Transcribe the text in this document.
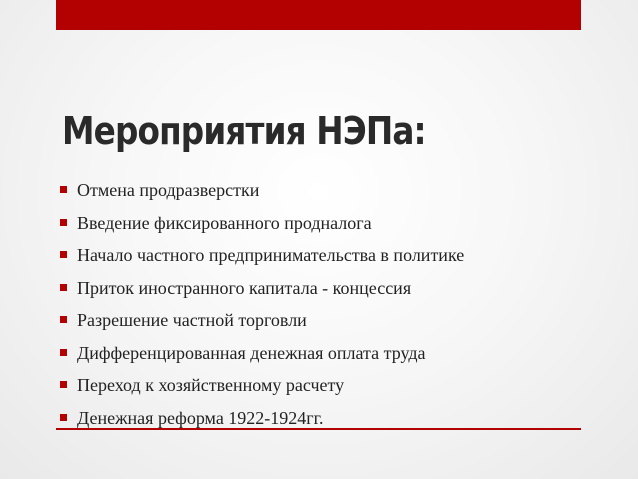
Мероприятия НЭПа:
Отмена продразверстки
Введение фиксированного продналога
Начало частного предпринимательства в политике
Приток иностранного капитала - концессия
Разрешение частной торговли
Дифференцированная денежная оплата труда
Переход к хозяйственному расчету
Денежная реформа 1922-1924гг.
